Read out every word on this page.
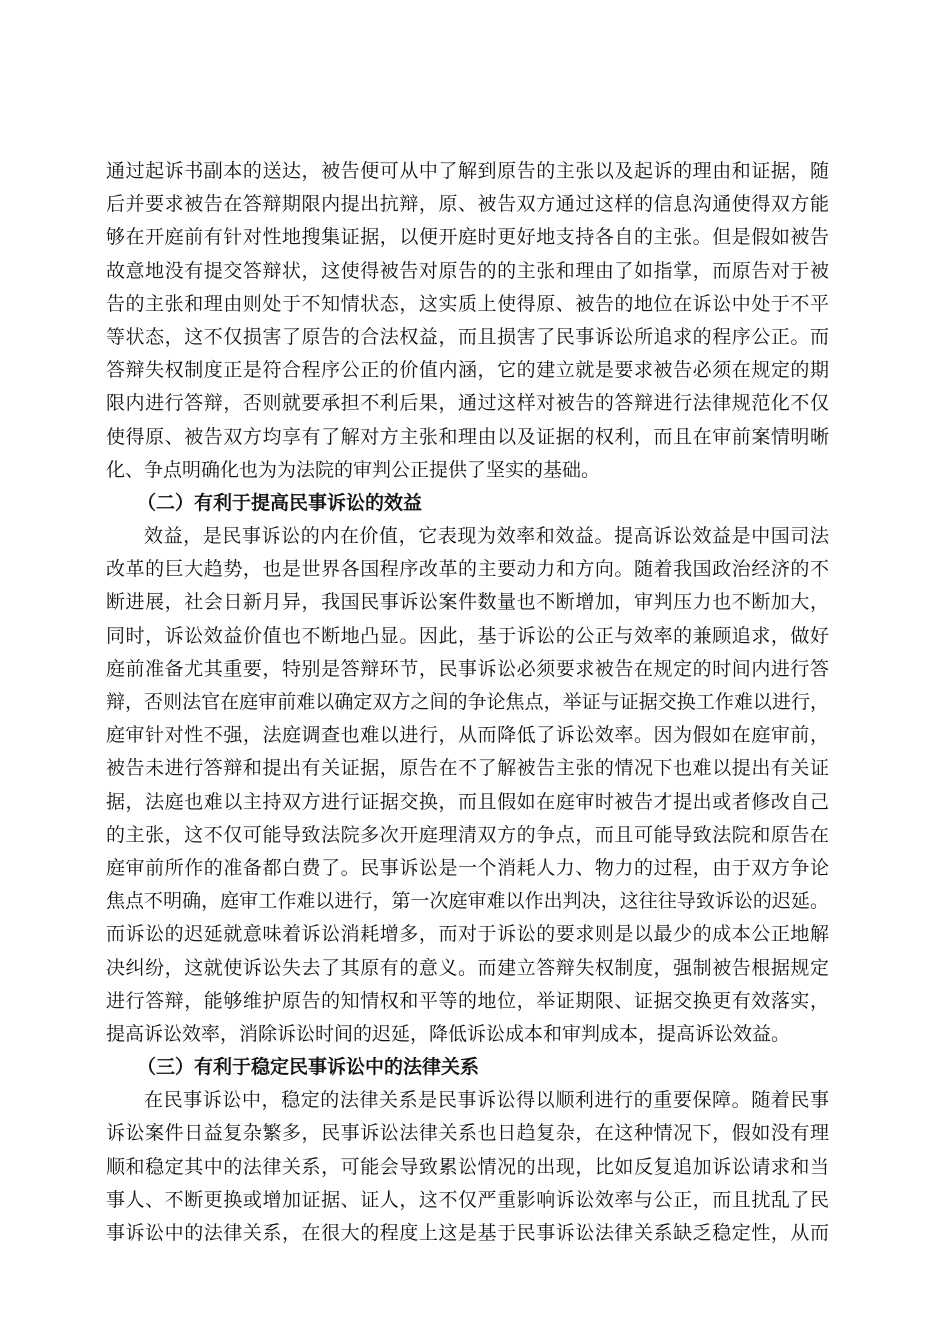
通过起诉书副本的送达，被告便可从中了解到原告的主张以及起诉的理由和证据，随
后并要求被告在答辩期限内提出抗辩，原、被告双方通过这样的信息沟通使得双方能
够在开庭前有针对性地搜集证据，以便开庭时更好地支持各自的主张。但是假如被告
故意地没有提交答辩状，这使得被告对原告的的主张和理由了如指掌，而原告对于被
告的主张和理由则处于不知情状态，这实质上使得原、被告的地位在诉讼中处于不平
等状态，这不仅损害了原告的合法权益，而且损害了民事诉讼所追求的程序公正。而
答辩失权制度正是符合程序公正的价值内涵，它的建立就是要求被告必须在规定的期
限内进行答辩，否则就要承担不利后果，通过这样对被告的答辩进行法律规范化不仅
使得原、被告双方均享有了解对方主张和理由以及证据的权利，而且在审前案情明晰
化、争点明确化也为为法院的审判公正提供了坚实的基础。
（二）有利于提高民事诉讼的效益
效益，是民事诉讼的内在价值，它表现为效率和效益。提高诉讼效益是中国司法
改革的巨大趋势，也是世界各国程序改革的主要动力和方向。随着我国政治经济的不
断进展，社会日新月异，我国民事诉讼案件数量也不断增加，审判压力也不断加大，
同时，诉讼效益价值也不断地凸显。因此，基于诉讼的公正与效率的兼顾追求，做好
庭前准备尤其重要，特别是答辩环节，民事诉讼必须要求被告在规定的时间内进行答
辩，否则法官在庭审前难以确定双方之间的争论焦点，举证与证据交换工作难以进行，
庭审针对性不强，法庭调查也难以进行，从而降低了诉讼效率。因为假如在庭审前，
被告未进行答辩和提出有关证据，原告在不了解被告主张的情况下也难以提出有关证
据，法庭也难以主持双方进行证据交换，而且假如在庭审时被告才提出或者修改自己
的主张，这不仅可能导致法院多次开庭理清双方的争点，而且可能导致法院和原告在
庭审前所作的准备都白费了。民事诉讼是一个消耗人力、物力的过程，由于双方争论
焦点不明确，庭审工作难以进行，第一次庭审难以作出判决，这往往导致诉讼的迟延。
而诉讼的迟延就意味着诉讼消耗增多，而对于诉讼的要求则是以最少的成本公正地解
决纠纷，这就使诉讼失去了其原有的意义。而建立答辩失权制度，强制被告根据规定
进行答辩，能够维护原告的知情权和平等的地位，举证期限、证据交换更有效落实，
提高诉讼效率，消除诉讼时间的迟延，降低诉讼成本和审判成本，提高诉讼效益。
（三）有利于稳定民事诉讼中的法律关系
在民事诉讼中，稳定的法律关系是民事诉讼得以顺利进行的重要保障。随着民事
诉讼案件日益复杂繁多，民事诉讼法律关系也日趋复杂，在这种情况下，假如没有理
顺和稳定其中的法律关系，可能会导致累讼情况的出现，比如反复追加诉讼请求和当
事人、不断更换或增加证据、证人，这不仅严重影响诉讼效率与公正，而且扰乱了民
事诉讼中的法律关系，在很大的程度上这是基于民事诉讼法律关系缺乏稳定性，从而
